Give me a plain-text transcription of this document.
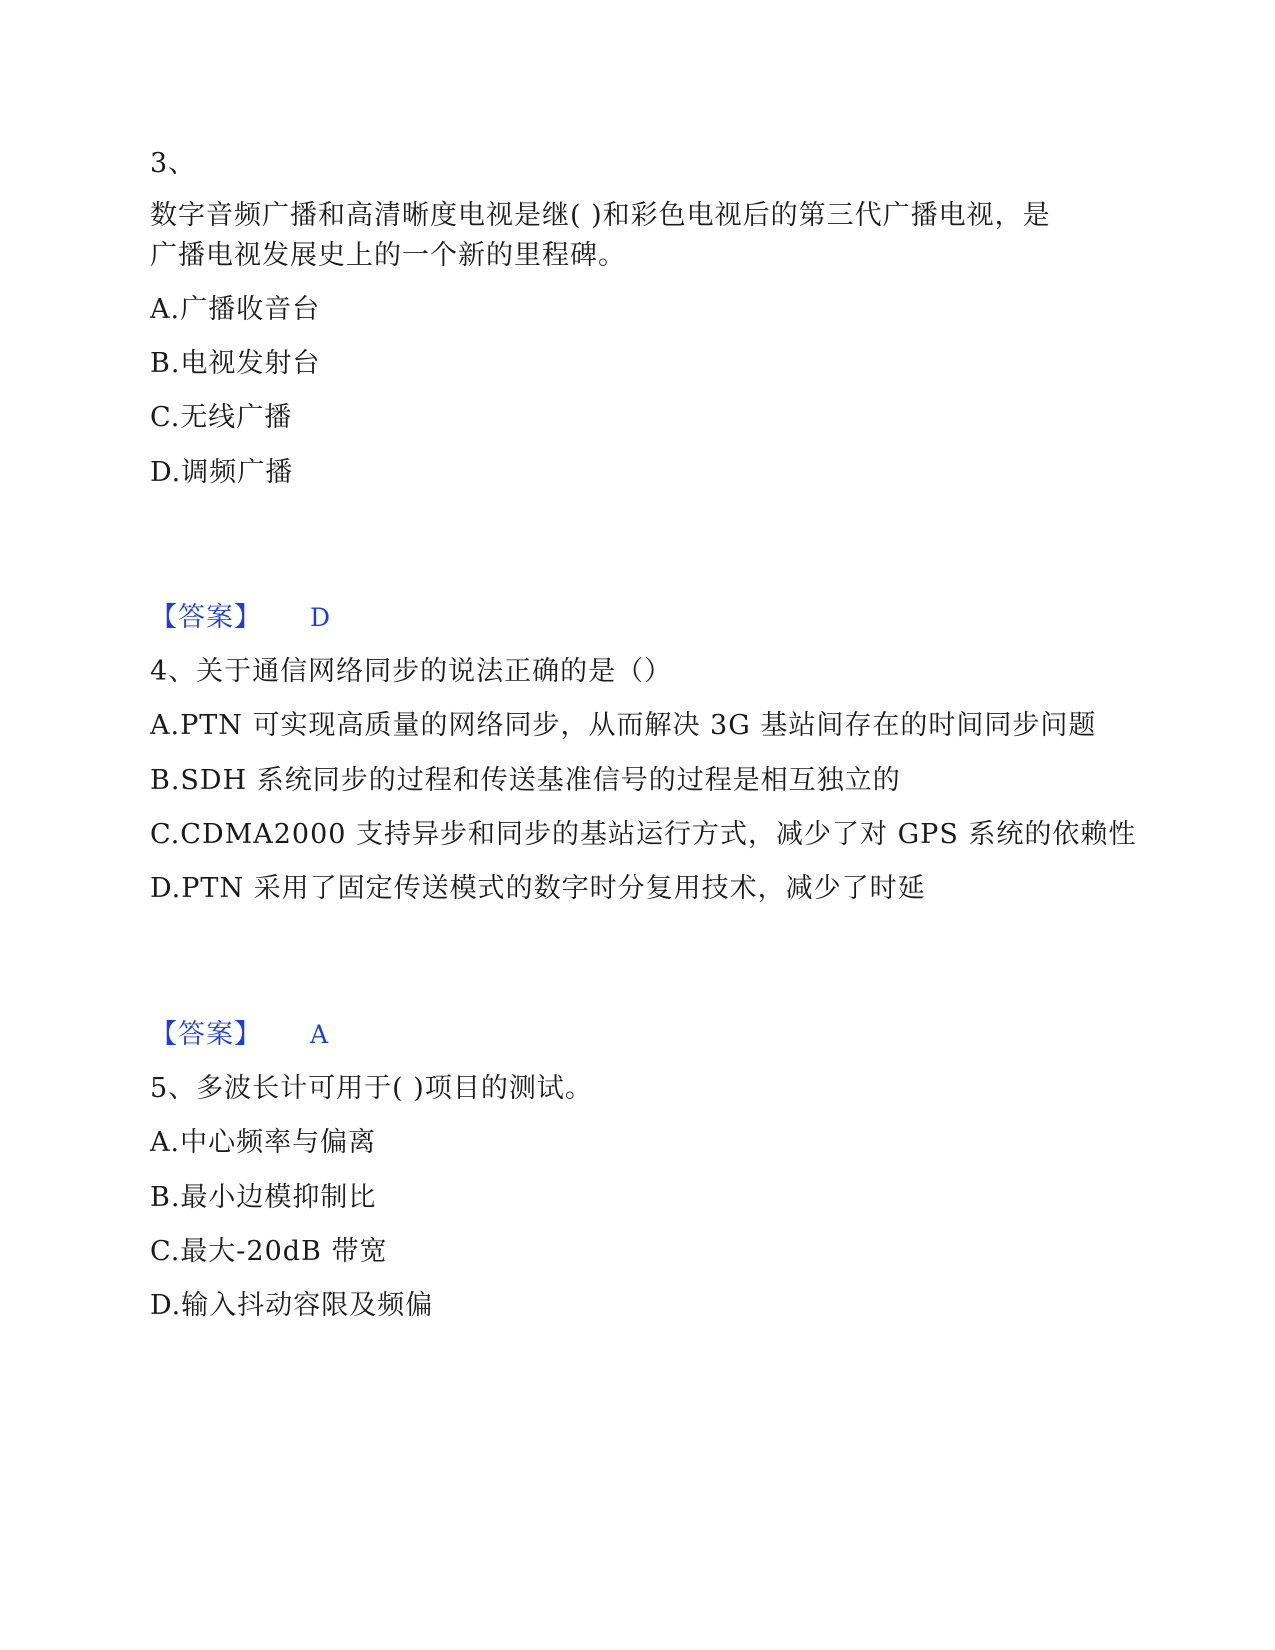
3、
数字音频广播和高清晰度电视是继( )和彩色电视后的第三代广播电视，是
广播电视发展史上的一个新的里程碑。
A.广播收音台
B.电视发射台
C.无线广播
D.调频广播
【答案】 D
4、关于通信网络同步的说法正确的是（）
A.PTN 可实现高质量的网络同步，从而解决 3G 基站间存在的时间同步问题
B.SDH 系统同步的过程和传送基准信号的过程是相互独立的
C.CDMA2000 支持异步和同步的基站运行方式，减少了对 GPS 系统的依赖性
D.PTN 采用了固定传送模式的数字时分复用技术，减少了时延
【答案】 A
5、多波长计可用于( )项目的测试。
A.中心频率与偏离
B.最小边模抑制比
C.最大-20dB 带宽
D.输入抖动容限及频偏
